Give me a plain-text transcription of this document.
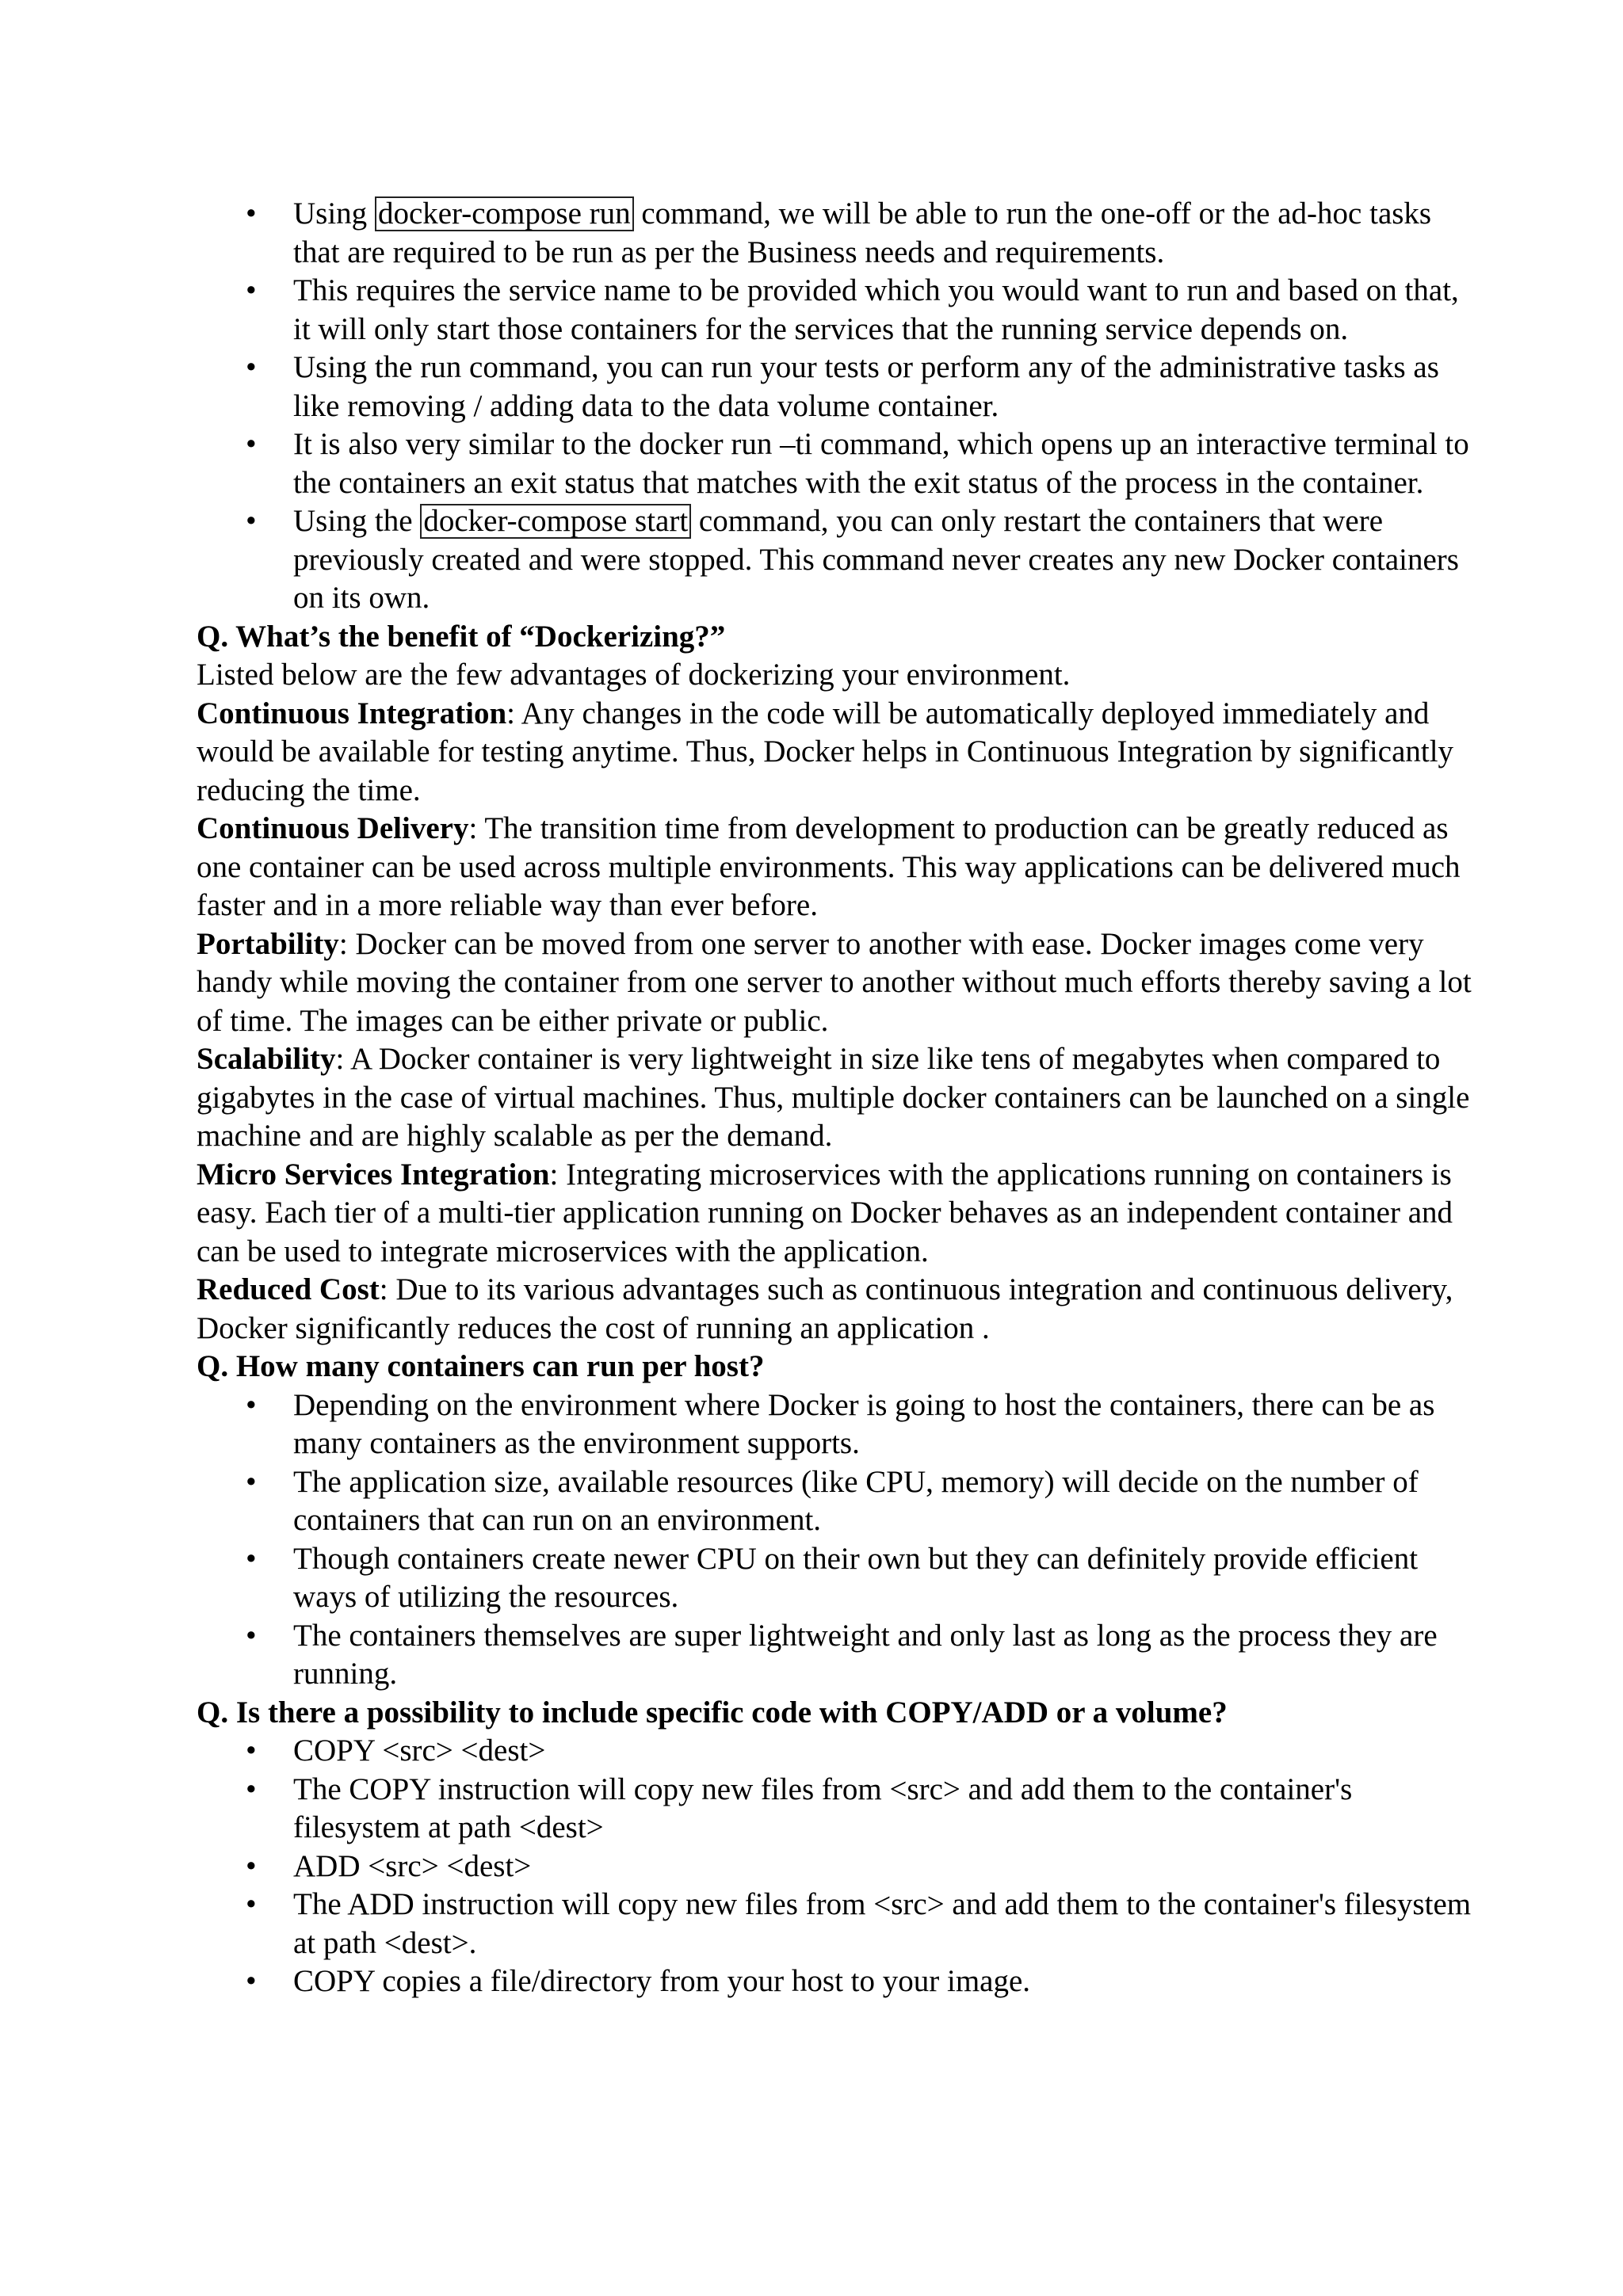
• Using docker-compose run command, we will be able to run the one-off or the ad-hoc tasks that are required to be run as per the Business needs and requirements.
• This requires the service name to be provided which you would want to run and based on that, it will only start those containers for the services that the running service depends on.
• Using the run command, you can run your tests or perform any of the administrative tasks as like removing / adding data to the data volume container.
• It is also very similar to the docker run –ti command, which opens up an interactive terminal to the containers an exit status that matches with the exit status of the process in the container.
• Using the docker-compose start command, you can only restart the containers that were previously created and were stopped. This command never creates any new Docker containers on its own.
Q. What’s the benefit of “Dockerizing?”

Listed below are the few advantages of dockerizing your environment.

Continuous Integration: Any changes in the code will be automatically deployed immediately and would be available for testing anytime. Thus, Docker helps in Continuous Integration by significantly reducing the time.

Continuous Delivery: The transition time from development to production can be greatly reduced as one container can be used across multiple environments. This way applications can be delivered much faster and in a more reliable way than ever before.

Portability: Docker can be moved from one server to another with ease. Docker images come very handy while moving the container from one server to another without much efforts thereby saving a lot of time. The images can be either private or public.

Scalability: A Docker container is very lightweight in size like tens of megabytes when compared to gigabytes in the case of virtual machines. Thus, multiple docker containers can be launched on a single machine and are highly scalable as per the demand.

Micro Services Integration: Integrating microservices with the applications running on containers is easy. Each tier of a multi-tier application running on Docker behaves as an independent container and can be used to integrate microservices with the application.

Reduced Cost: Due to its various advantages such as continuous integration and continuous delivery, Docker significantly reduces the cost of running an application .

Q. How many containers can run per host?
• Depending on the environment where Docker is going to host the containers, there can be as many containers as the environment supports.
• The application size, available resources (like CPU, memory) will decide on the number of containers that can run on an environment.
• Though containers create newer CPU on their own but they can definitely provide efficient ways of utilizing the resources.
• The containers themselves are super lightweight and only last as long as the process they are running.
Q. Is there a possibility to include specific code with COPY/ADD or a volume?
• COPY <src> <dest>
• The COPY instruction will copy new files from <src> and add them to the container's filesystem at path <dest>
• ADD <src> <dest>
• The ADD instruction will copy new files from <src> and add them to the container's filesystem at path <dest>.
• COPY copies a file/directory from your host to your image.
